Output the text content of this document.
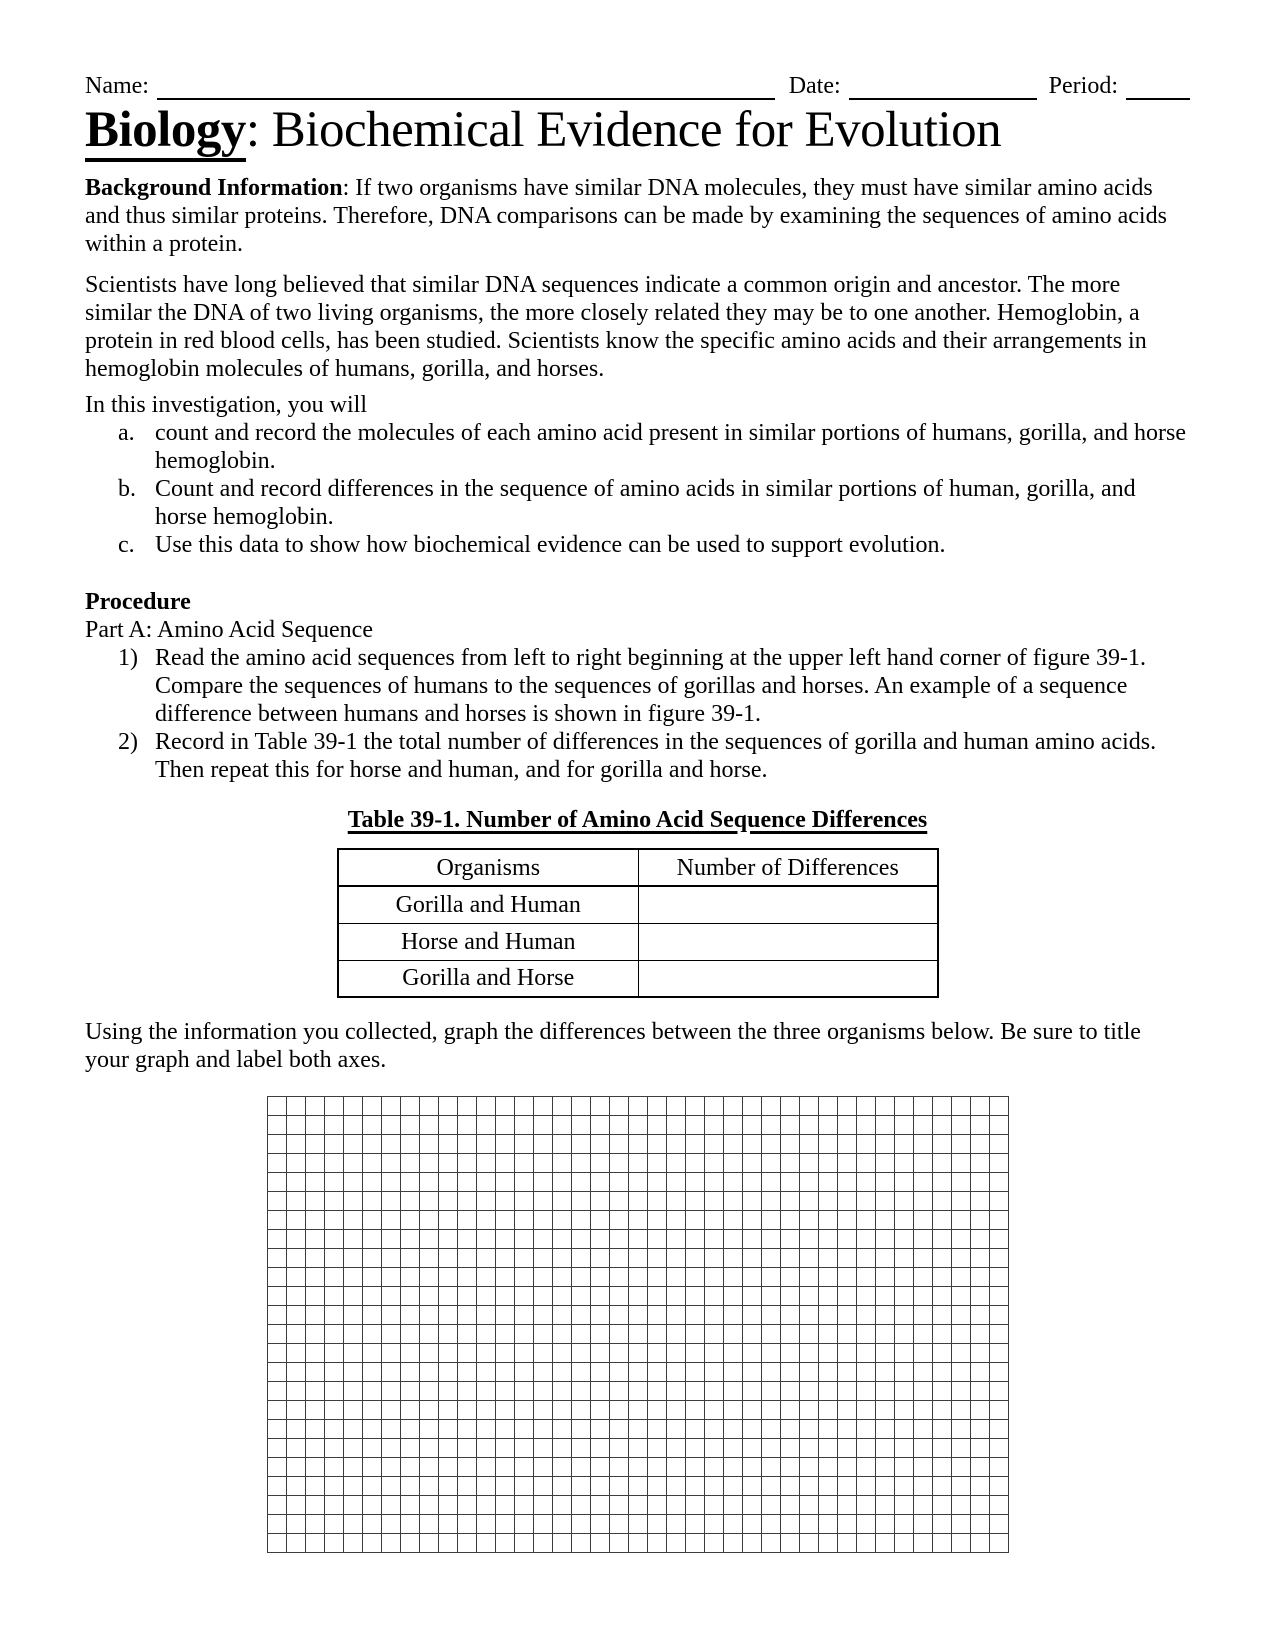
Name:	Date:	Period:
Biology: Biochemical Evidence for Evolution
Background Information: If two organisms have similar DNA molecules, they must have similar amino acids and thus similar proteins. Therefore, DNA comparisons can be made by examining the sequences of amino acids within a protein.
Scientists have long believed that similar DNA sequences indicate a common origin and ancestor. The more similar the DNA of two living organisms, the more closely related they may be to one another. Hemoglobin, a protein in red blood cells, has been studied. Scientists know the specific amino acids and their arrangements in hemoglobin molecules of humans, gorilla, and horses.
In this investigation, you will
a. count and record the molecules of each amino acid present in similar portions of humans, gorilla, and horse hemoglobin.
b. Count and record differences in the sequence of amino acids in similar portions of human, gorilla, and horse hemoglobin.
c. Use this data to show how biochemical evidence can be used to support evolution.
Procedure
Part A: Amino Acid Sequence
1) Read the amino acid sequences from left to right beginning at the upper left hand corner of figure 39-1. Compare the sequences of humans to the sequences of gorillas and horses. An example of a sequence difference between humans and horses is shown in figure 39-1.
2) Record in Table 39-1 the total number of differences in the sequences of gorilla and human amino acids. Then repeat this for horse and human, and for gorilla and horse.
Table 39-1. Number of Amino Acid Sequence Differences
Organisms	Number of Differences
Gorilla and Human	
Horse and Human	
Gorilla and Horse	
Using the information you collected, graph the differences between the three organisms below. Be sure to title your graph and label both axes.
